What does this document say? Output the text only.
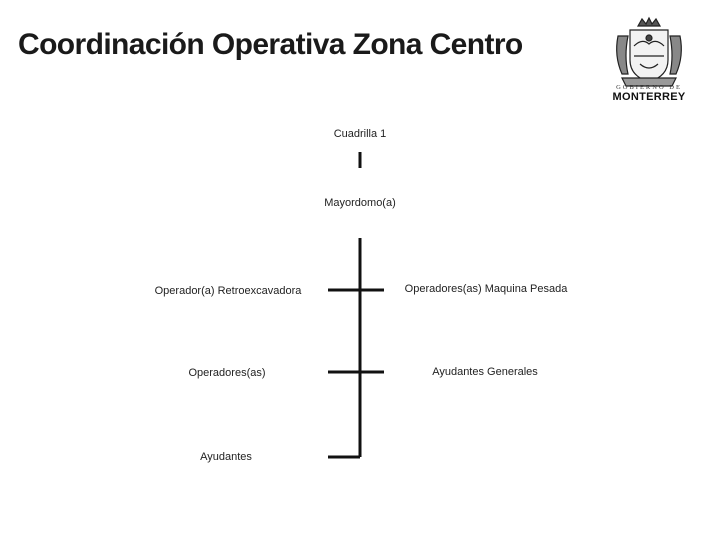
Coordinación Operativa Zona Centro
GOBIERNO DE
MONTERREY
Cuadrilla 1
Mayordomo(a)
Operador(a) Retroexcavadora
Operadores(as)
Ayudantes
Operadores(as) Maquina Pesada
Ayudantes Generales
